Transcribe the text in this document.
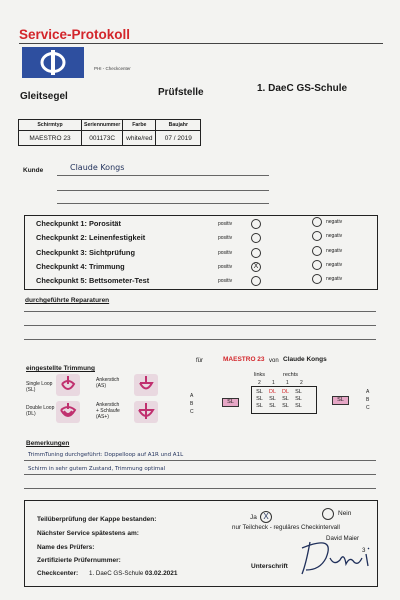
Service-Protokoll
PHI - Checkcenter
Gleitsegel	Prüfstelle	1. DaeC GS-Schule
Schirmtyp	Seriennummer	Farbe	Baujahr
MAESTRO 23	001173C	white/red	07 / 2019
Kunde	Claude Kongs
Checkpunkt 1: Porosität	positiv	negativ
Checkpunkt 2: Leinenfestigkeit	positiv	negativ
Checkpunkt 3: Sichtprüfung	positiv	negativ
Checkpunkt 4: Trimmung	positiv	X	negativ
Checkpunkt 5: Bettsometer-Test	positiv	negativ
durchgeführte Reparaturen
eingestellte Trimmung
für	MAESTRO 23 von Claude Kongs
Single Loop
(SL)
Double Loop
(DL)
Ankerstich
(AS)
Ankerstich
+ Schlaufe
(AS+)
A
B
C
SL
links	rechts
2 1 1 2
SL	DL	DL	SL
SL	SL	SL	SL
SL	SL	SL	SL
SL
A
B
C
Bemerkungen
TrimmTuning durchgeführt: Doppelloop auf A1R und A1L
Schirm in sehr gutem Zustand, Trimmung optimal
Teilüberprüfung der Kappe bestanden:	Ja X	Nein
Nächster Service spätestens am:
nur Teilcheck - reguläres Checkintervall
Name des Prüfers:
David Maier
Zertifizierte Prüfernummer:
3
Checkcenter: 1. DaeC GS-Schule 03.02.2021
Unterschrift
